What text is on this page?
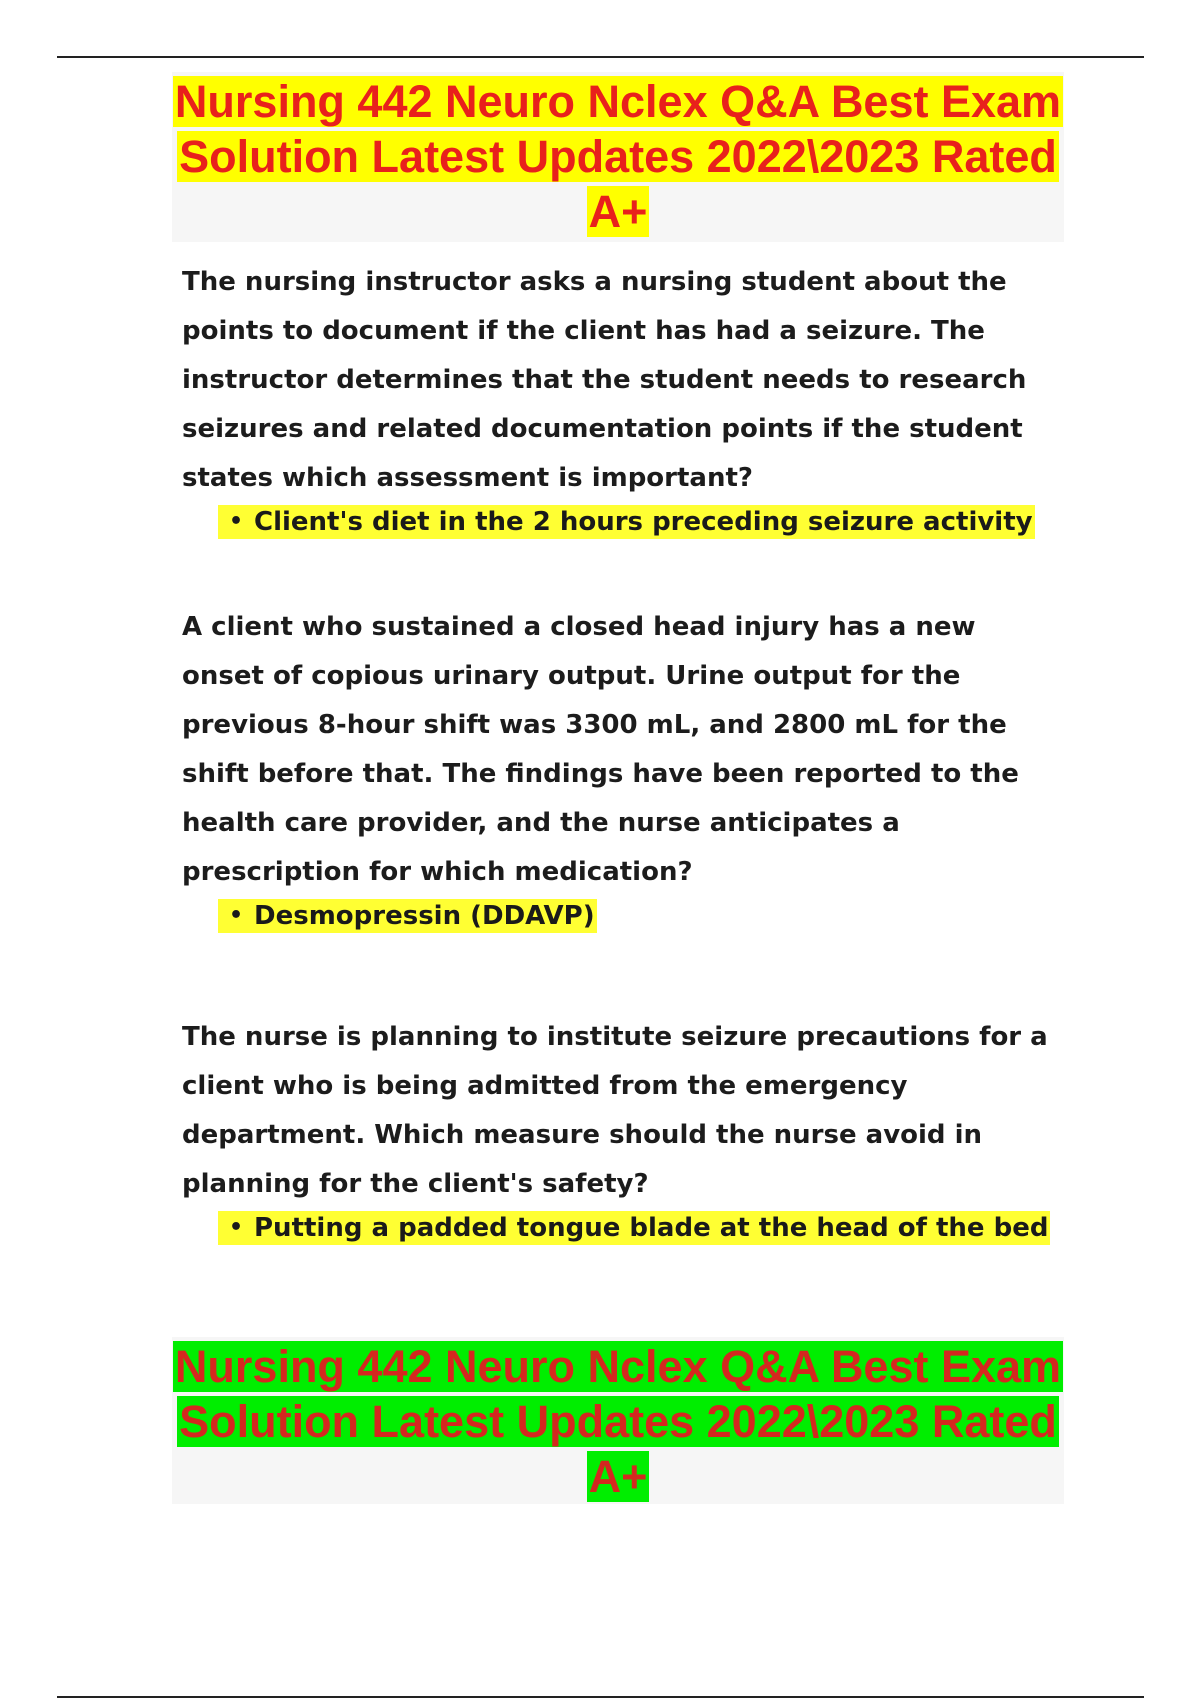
Nursing 442 Neuro Nclex Q&A Best Exam Solution Latest Updates 2022\2023 Rated A+

The nursing instructor asks a nursing student about the points to document if the client has had a seizure. The instructor determines that the student needs to research seizures and related documentation points if the student states which assessment is important?

• Client's diet in the 2 hours preceding seizure activity

A client who sustained a closed head injury has a new onset of copious urinary output. Urine output for the previous 8-hour shift was 3300 mL, and 2800 mL for the shift before that. The findings have been reported to the health care provider, and the nurse anticipates a prescription for which medication?

• Desmopressin (DDAVP)

The nurse is planning to institute seizure precautions for a client who is being admitted from the emergency department. Which measure should the nurse avoid in planning for the client's safety?

• Putting a padded tongue blade at the head of the bed
Nursing 442 Neuro Nclex Q&A Best Exam Solution Latest Updates 2022\2023 Rated A+
